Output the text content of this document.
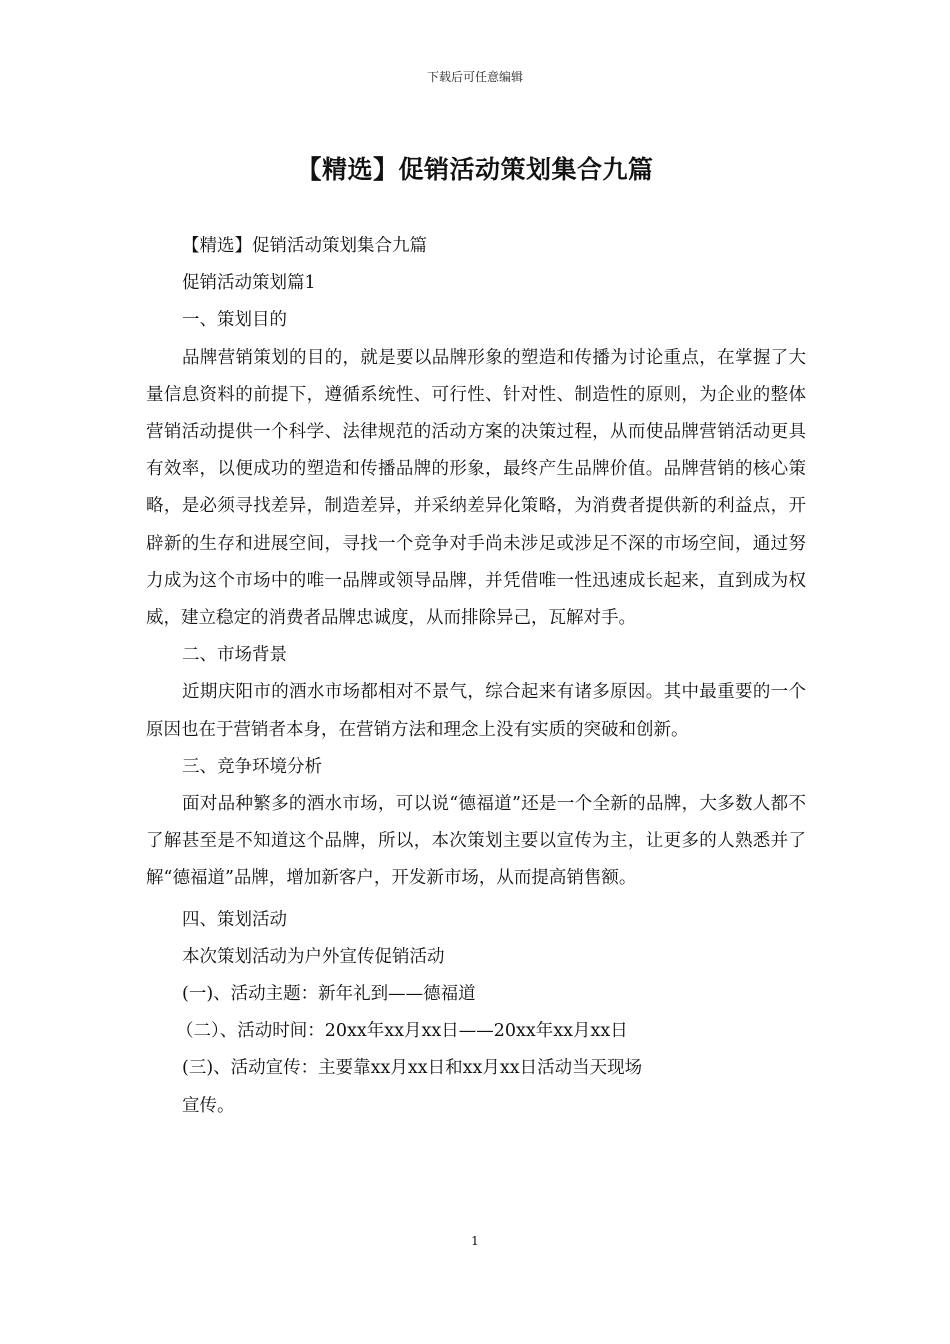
下载后可任意编辑
【精选】促销活动策划集合九篇

【精选】促销活动策划集合九篇

促销活动策划篇1

一、策划目的

品牌营销策划的目的，就是要以品牌形象的塑造和传播为讨论重点，在掌握了大量信息资料的前提下，遵循系统性、可行性、针对性、制造性的原则，为企业的整体营销活动提供一个科学、法律规范的活动方案的决策过程，从而使品牌营销活动更具有效率，以便成功的塑造和传播品牌的形象，最终产生品牌价值。品牌营销的核心策略，是必须寻找差异，制造差异，并采纳差异化策略，为消费者提供新的利益点，开辟新的生存和进展空间，寻找一个竞争对手尚未涉足或涉足不深的市场空间，通过努力成为这个市场中的唯一品牌或领导品牌，并凭借唯一性迅速成长起来，直到成为权威，建立稳定的消费者品牌忠诚度，从而排除异己，瓦解对手。

二、市场背景

近期庆阳市的酒水市场都相对不景气，综合起来有诸多原因。其中最重要的一个原因也在于营销者本身，在营销方法和理念上没有实质的突破和创新。

三、竞争环境分析

面对品种繁多的酒水市场，可以说“德福道”还是一个全新的品牌，大多数人都不了解甚至是不知道这个品牌，所以，本次策划主要以宣传为主，让更多的人熟悉并了解“德福道”品牌，增加新客户，开发新市场，从而提高销售额。

四、策划活动

本次策划活动为户外宣传促销活动

(一)、活动主题：新年礼到——德福道

（二）、活动时间：20xx年xx月xx日——20xx年xx月xx日

(三)、活动宣传：主要靠xx月xx日和xx月xx日活动当天现场

宣传。

1
